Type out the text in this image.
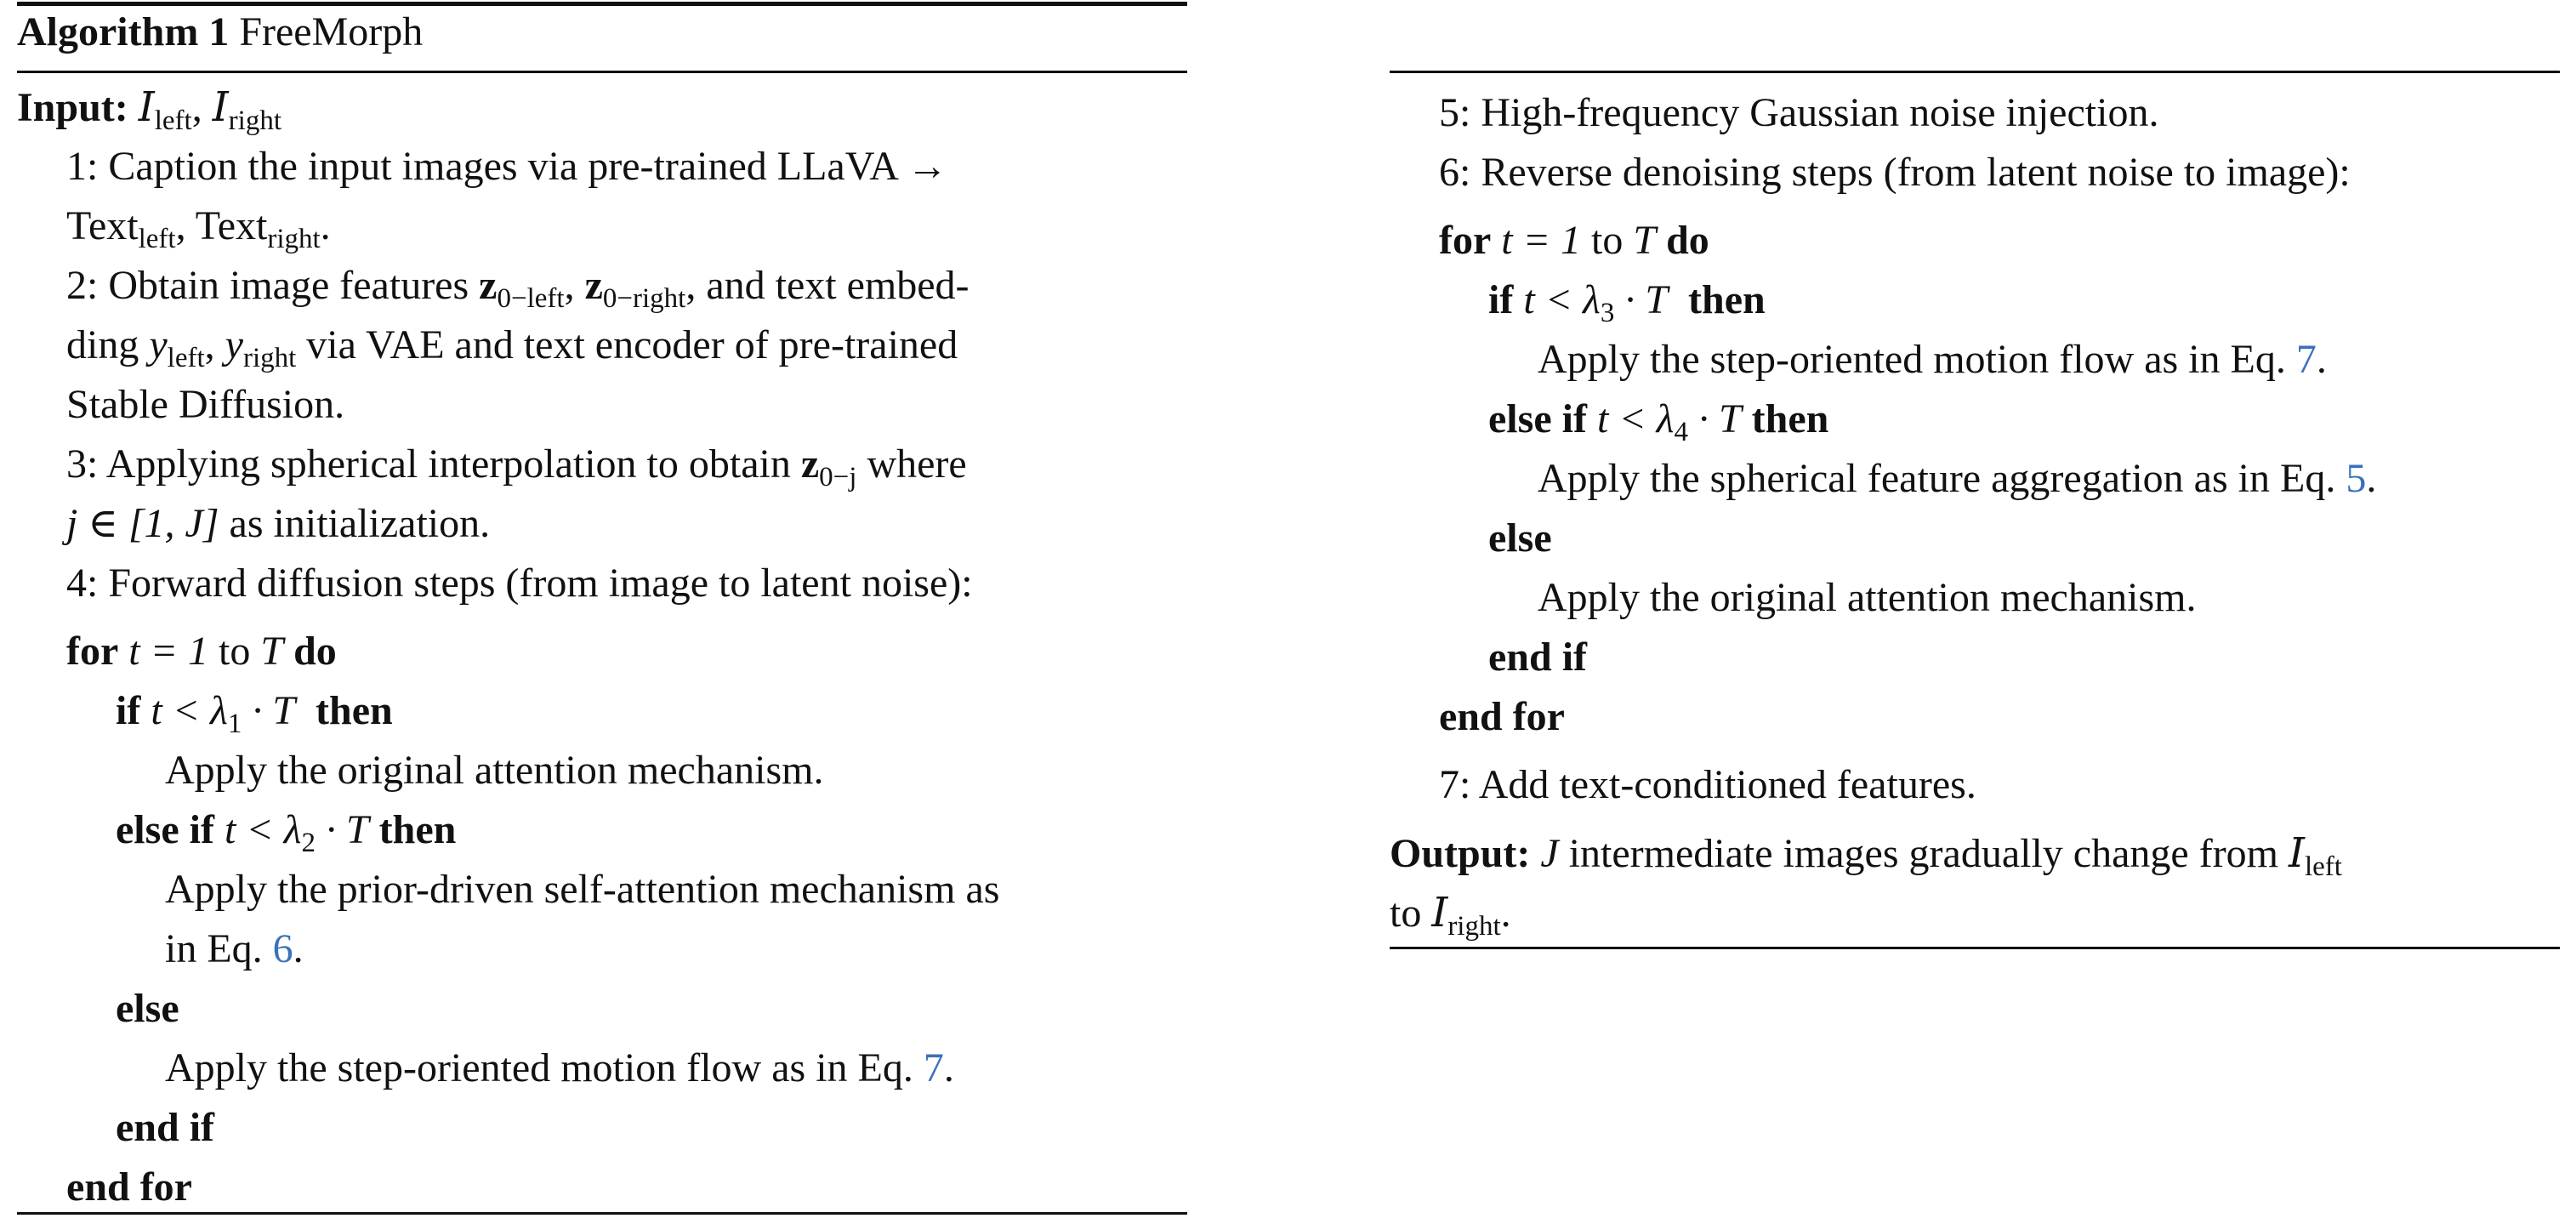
Algorithm 1 FreeMorph
Input: $I_{left}$, $I_{right}$
1: Caption the input images via pre-trained LLaVA →
Text$_{left}$, Text$_{right}$.
2: Obtain image features $z_{0-left}$, $z_{0-right}$, and text embed-
ding $y_{left}$, $y_{right}$ via VAE and text encoder of pre-trained
Stable Diffusion.
3: Applying spherical interpolation to obtain $z_{0-j}$ where
j ∈ [1, J] as initialization.
4: Forward diffusion steps (from image to latent noise):
for t = 1 to T do
if $t < \lambda_1 \cdot T$ then
Apply the original attention mechanism.
else if $t < \lambda_2 \cdot T$ then
Apply the prior-driven self-attention mechanism as
in Eq. 6.
else
Apply the step-oriented motion flow as in Eq. 7.
end if
end for
5: High-frequency Gaussian noise injection.
6: Reverse denoising steps (from latent noise to image):
for t = 1 to T do
if $t < \lambda_3 \cdot T$ then
Apply the step-oriented motion flow as in Eq. 7.
else if $t < \lambda_4 \cdot T$ then
Apply the spherical feature aggregation as in Eq. 5.
else
Apply the original attention mechanism.
end if
end for
7: Add text-conditioned features.
Output: J intermediate images gradually change from $I_{left}$
to $I_{right}$.
